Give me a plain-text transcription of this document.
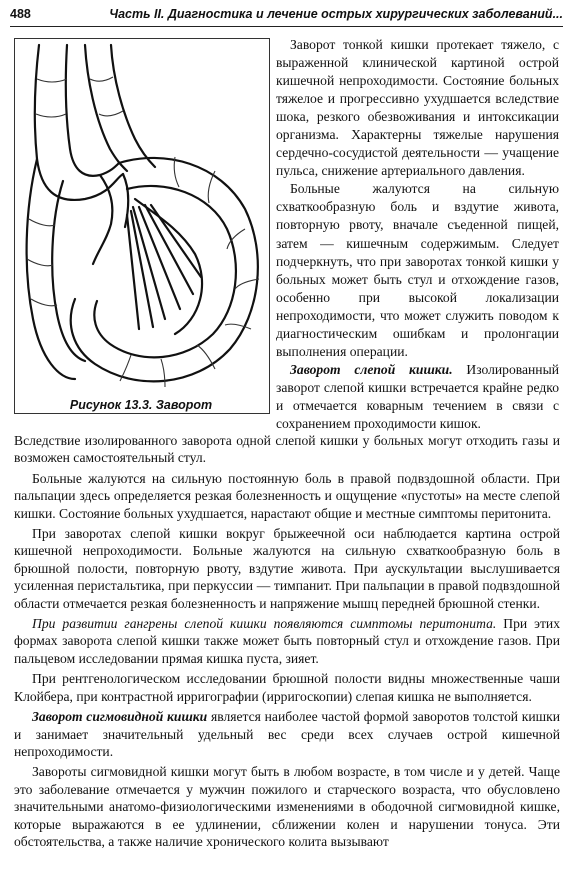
488	Часть II. Диагностика и лечение острых хирургических заболеваний...
Рисунок 13.3. Заворот

Заворот тонкой кишки протекает тяжело, с выраженной клинической картиной острой кишечной непроходимости. Состояние больных тяжелое и прогрессивно ухудшается вследствие шока, резкого обезвоживания и интоксикации организма. Характерны тяжелые нарушения сердечно-сосудистой деятельности — учащение пульса, снижение артериального давления.

Больные жалуются на сильную схваткообразную боль и вздутие живота, повторную рвоту, вначале съеденной пищей, затем — кишечным содержимым. Следует подчеркнуть, что при заворотах тонкой кишки у больных может быть стул и отхождение газов, особенно при высокой локализации непроходимости, что может служить поводом к диагностическим ошибкам и пролонгации выполнения операции.

Заворот слепой кишки. Изолированный заворот слепой кишки встречается крайне редко и отмечается коварным течением в связи с сохранением проходимости кишок.

Вследствие изолированного заворота одной слепой кишки у больных могут отходить газы и возможен самостоятельный стул.

Больные жалуются на сильную постоянную боль в правой подвздошной области. При пальпации здесь определяется резкая болезненность и ощущение «пустоты» на месте слепой кишки. Состояние больных ухудшается, нарастают общие и местные симптомы перитонита.

При заворотах слепой кишки вокруг брыжеечной оси наблюдается картина острой кишечной непроходимости. Больные жалуются на сильную схваткообразную боль в брюшной полости, повторную рвоту, вздутие живота. При аускультации выслушивается усиленная перистальтика, при перкуссии — тимпанит. При пальпации в правой подвздошной области отмечается резкая болезненность и напряжение мышц передней брюшной стенки.

При развитии гангрены слепой кишки появляются симптомы перитонита. При этих формах заворота слепой кишки также может быть повторный стул и отхождение газов. При пальцевом исследовании прямая кишка пуста, зияет.

При рентгенологическом исследовании брюшной полости видны множественные чаши Клойбера, при контрастной ирригографии (ирригоскопии) слепая кишка не выполняется.

Заворот сигмовидной кишки является наиболее частой формой заворотов толстой кишки и занимает значительный удельный вес среди всех случаев острой кишечной непроходимости.

Завороты сигмовидной кишки могут быть в любом возрасте, в том числе и у детей. Чаще это заболевание отмечается у мужчин пожилого и старческого возраста, что обусловлено значительными анатомо-физиологическими изменениями в ободочной сигмовидной кишке, которые выражаются в ее удлинении, сближении колен и нарушении тонуса. Эти обстоятельства, а также наличие хронического колита вызывают
